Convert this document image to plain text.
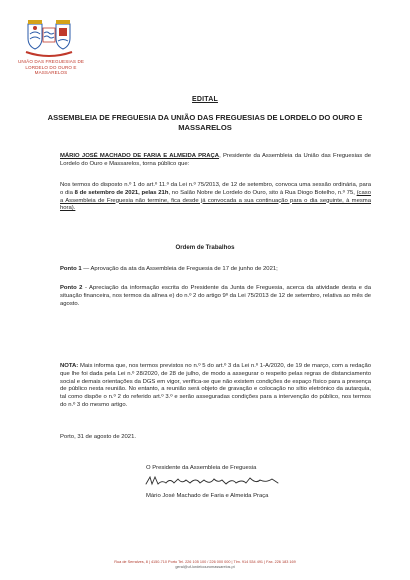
UNIÃO DAS FREGUESIAS DE
LORDELO DO OURO E MASSARELOS
EDITAL
ASSEMBLEIA DE FREGUESIA DA UNIÃO DAS FREGUESIAS DE LORDELO DO OURO E MASSARELOS

MÁRIO JOSÉ MACHADO DE FARIA E ALMEIDA PRAÇA, Presidente da Assembleia da União das Freguesias de Lordelo do Ouro e Massarelos, torna público que:

Nos termos do disposto n.º 1 do art.º 11.º da Lei n.º 75/2013, de 12 de setembro, convoca uma sessão ordinária, para o dia 8 de setembro de 2021, pelas 21h, no Salão Nobre de Lordelo do Ouro, sito à Rua Diogo Botelho, n.º 75, (caso a Assembleia de Freguesia não termine, fica desde já convocada a sua continuação para o dia seguinte, à mesma hora).

Ordem de Trabalhos

Ponto 1 — Aprovação da ata da Assembleia de Freguesia de 17 de junho de 2021;

Ponto 2 - Apreciação da informação escrita do Presidente da Junta de Freguesia, acerca da atividade desta e da situação financeira, nos termos da alínea e) do n.º 2 do artigo 9º da Lei 75/2013 de 12 de setembro, relativa ao mês de agosto.

NOTA: Mais informa que, nos termos previstos no n.º 5 do art.º 3 da Lei n.º 1-A/2020, de 19 de março, com a redação que lhe foi dada pela Lei n.º 28/2020, de 28 de julho, de modo a assegurar o respeito pelas regras de distanciamento social e demais orientações da DGS em vigor, verifica-se que não existem condições de espaço físico para a presença de público nesta reunião. No entanto, a reunião será objeto de gravação e colocação no sítio eletrónico da autarquia, tal como dispõe o n.º 2 do referido art.º 3.º e serão asseguradas condições para a intervenção do público, nos termos do n.º 3 do mesmo artigo.

Porto, 31 de agosto de 2021.

O Presidente da Assembleia de Freguesia
Mário José Machado de Faria e Almeida Praça
Rua de Serralves, 8 | 4150-710 Porto Tel. 226 105 100 / 226 000 000 | Tlm. 914 534 491 | Fax. 226 183 169
geral@uf-lordeloouromassarelos.pt
